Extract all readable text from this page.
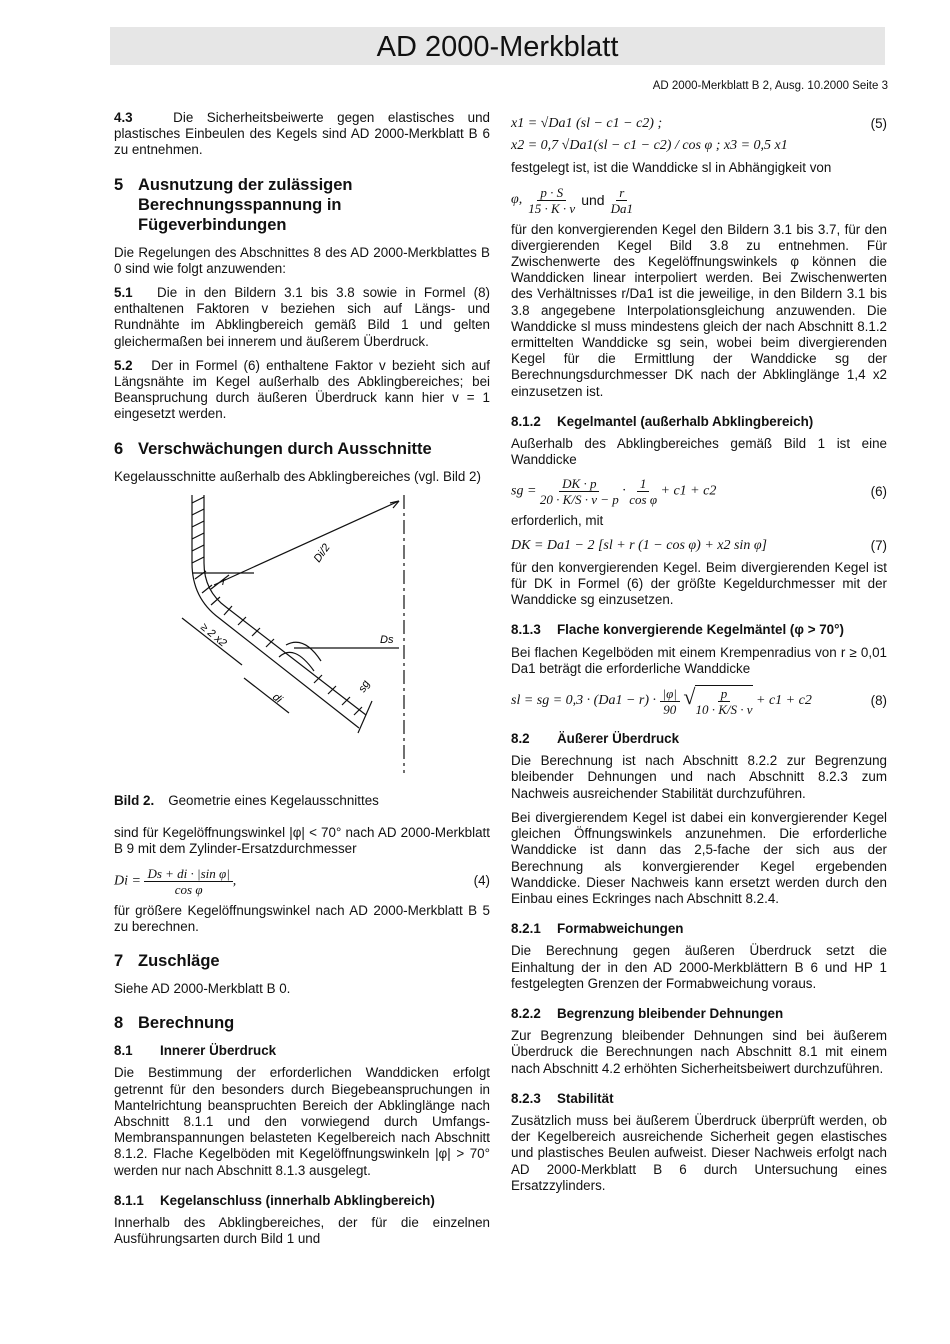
AD 2000-Merkblatt
AD 2000-Merkblatt B 2, Ausg. 10.2000 Seite 3

4.3	Die Sicherheitsbeiwerte gegen elastisches und plastisches Einbeulen des Kegels sind AD 2000-Merkblatt B 6 zu entnehmen.

5 Ausnutzung der zulässigen Berechnungsspannung in Fügeverbindungen

Die Regelungen des Abschnittes 8 des AD 2000-Merkblattes B 0 sind wie folgt anzuwenden:

5.1 Die in den Bildern 3.1 bis 3.8 sowie in Formel (8) enthaltenen Faktoren v beziehen sich auf Längs- und Rundnähte im Abklingbereich gemäß Bild 1 und gelten gleichermaßen bei innerem und äußerem Überdruck.

5.2 Der in Formel (6) enthaltene Faktor v bezieht sich auf Längsnähte im Kegel außerhalb des Abklingbereiches; bei Beanspruchung durch äußeren Überdruck kann hier v = 1 eingesetzt werden.

6 Verschwächungen durch Ausschnitte

Kegelausschnitte außerhalb des Abklingbereiches (vgl. Bild 2)

r
Di/2
Ds
≥ 2 x2
di
sg

Bild 2. Geometrie eines Kegelausschnittes

sind für Kegelöffnungswinkel |φ| < 70° nach AD 2000-Merkblatt B 9 mit dem Zylinder-Ersatzdurchmesser

$Di = \frac{\text{Ds + di · |sin φ|}}{\text{cos φ}}$ ,	(4)

für größere Kegelöffnungswinkel nach AD 2000-Merkblatt B 5 zu berechnen.

7 Zuschläge

Siehe AD 2000-Merkblatt B 0.

8 Berechnung
8.1 Innerer Überdruck

Die Bestimmung der erforderlichen Wanddicken erfolgt getrennt für den besonders durch Biegebeanspruchungen in Mantelrichtung beanspruchten Bereich der Abklinglänge nach Abschnitt 8.1.1 und den vorwiegend durch Umfangs-Membranspannungen belasteten Kegelbereich nach Abschnitt 8.1.2. Flache Kegelböden mit Kegelöffnungswinkeln |φ| > 70° werden nur nach Abschnitt 8.1.3 ausgelegt.

8.1.1 Kegelanschluss (innerhalb Abklingbereich)

Innerhalb des Abklingbereiches, der für die einzelnen Ausführungsarten durch Bild 1 und

x1 = √Da1 (sl − c1 − c2) ;	(5)
x2 = 0,7 √Da1(sl − c1 − c2) / cos φ ; x3 = 0,5 x1

festgelegt ist, ist die Wanddicke sl in Abhängigkeit von

φ, $\frac{p \cdot S}{15 \cdot K \cdot v}$ und $\frac{r}{Da1}$

für den konvergierenden Kegel den Bildern 3.1 bis 3.7, für den divergierenden Kegel Bild 3.8 zu entnehmen. Für Zwischenwerte des Kegelöffnungswinkels φ können die Wanddicken linear interpoliert werden. Bei Zwischenwerten des Verhältnisses r/Da1 ist die jeweilige, in den Bildern 3.1 bis 3.8 angegebene Interpolationsgleichung anzuwenden. Die Wanddicke sl muss mindestens gleich der nach Abschnitt 8.1.2 ermittelten Wanddicke sg sein, wobei beim divergierenden Kegel für die Ermittlung der Wanddicke sg der Berechnungsdurchmesser DK nach der Abklinglänge 1,4 x2 einzusetzen ist.

8.1.2 Kegelmantel (außerhalb Abklingbereich)

Außerhalb des Abklingbereiches gemäß Bild 1 ist eine Wanddicke

sg = $\frac{DK \cdot p}{20 \cdot K/S \cdot v - p} \cdot \frac{1}{\text{cos φ}} + c1 + c2$	(6)

erforderlich, mit

DK = Da1 − 2 [sl + r (1 − cos φ) + x2 sin φ]	(7)

für den konvergierenden Kegel. Beim divergierenden Kegel ist für DK in Formel (6) der größte Kegeldurchmesser mit der Wanddicke sg einzusetzen.

8.1.3 Flache konvergierende Kegelmäntel (φ > 70°)

Bei flachen Kegelböden mit einem Krempenradius von r ≥ 0,01 Da1 beträgt die erforderliche Wanddicke

sl = sg = $0,3 \cdot (Da1 - r) \cdot \frac{|\varphi|}{90}$ √ $\frac{p}{10 \cdot K/S \cdot v} + c1 + c2$	(8)
8.2 Äußerer Überdruck

Die Berechnung ist nach Abschnitt 8.2.2 zur Begrenzung bleibender Dehnungen und nach Abschnitt 8.2.3 zum Nachweis ausreichender Stabilität durchzuführen.

Bei divergierendem Kegel ist dabei ein konvergierender Kegel gleichen Öffnungswinkels anzunehmen. Die erforderliche Wanddicke ist dann das 2,5-fache der sich aus der Berechnung als konvergierender Kegel ergebenden Wanddicke. Dieser Nachweis kann ersetzt werden durch den Einbau eines Eckringes nach Abschnitt 8.2.4.

8.2.1 Formabweichungen

Die Berechnung gegen äußeren Überdruck setzt die Einhaltung der in den AD 2000-Merkblättern B 6 und HP 1 festgelegten Grenzen der Formabweichung voraus.

8.2.2 Begrenzung bleibender Dehnungen

Zur Begrenzung bleibender Dehnungen sind bei äußerem Überdruck die Berechnungen nach Abschnitt 8.1 mit einem nach Abschnitt 4.2 erhöhten Sicherheitsbeiwert durchzuführen.

8.2.3 Stabilität

Zusätzlich muss bei äußerem Überdruck überprüft werden, ob der Kegelbereich ausreichende Sicherheit gegen elastisches und plastisches Beulen aufweist. Dieser Nachweis erfolgt nach AD 2000-Merkblatt B 6 durch Untersuchung eines Ersatzzylinders.
